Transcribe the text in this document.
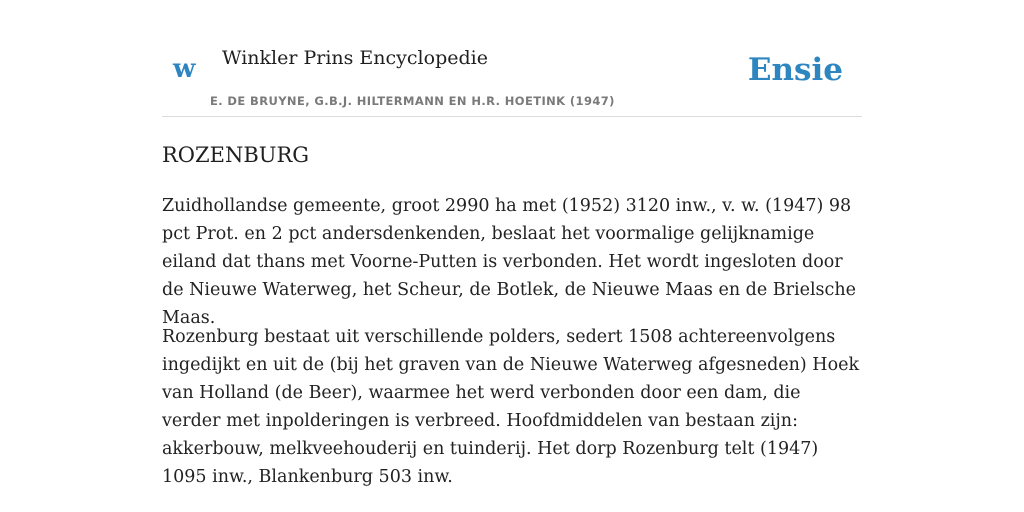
w Winkler Prins Encyclopedie	Ensie
E. DE BRUYNE, G.B.J. HILTERMANN EN H.R. HOETINK (1947)
ROZENBURG

Zuidhollandse gemeente, groot 2990 ha met (1952) 3120 inw., v. w. (1947) 98 pct Prot. en 2 pct andersdenkenden, beslaat het voormalige gelijknamige eiland dat thans met Voorne-Putten is verbonden. Het wordt ingesloten door de Nieuwe Waterweg, het Scheur, de Botlek, de Nieuwe Maas en de Brielsche Maas.

Rozenburg bestaat uit verschillende polders, sedert 1508 achtereenvolgens ingedijkt en uit de (bij het graven van de Nieuwe Waterweg afgesneden) Hoek van Holland (de Beer), waarmee het werd verbonden door een dam, die verder met inpolderingen is verbreed. Hoofdmiddelen van bestaan zijn: akkerbouw, melkveehouderij en tuinderij. Het dorp Rozenburg telt (1947) 1095 inw., Blankenburg 503 inw.
